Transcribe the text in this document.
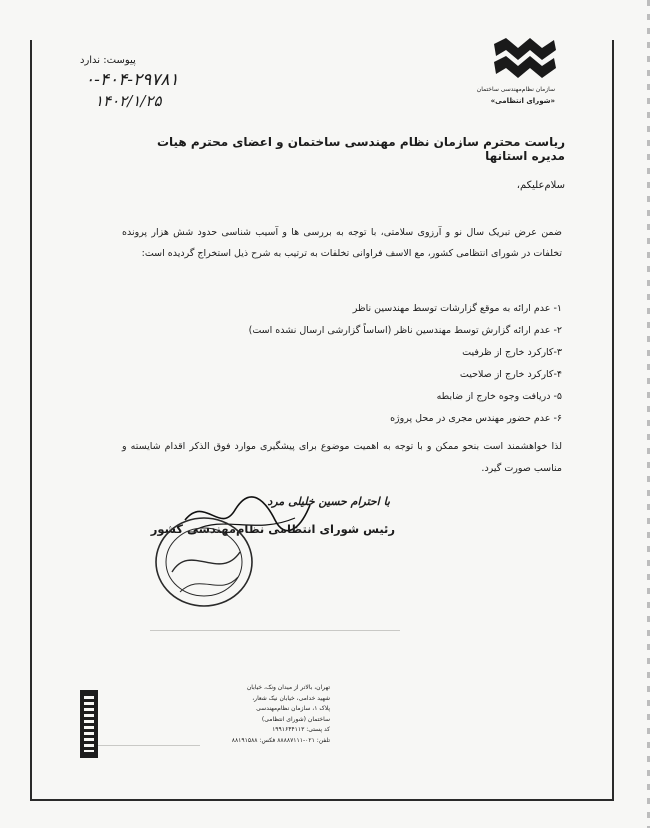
سازمان نظام‌مهندسی ساختمان
«شورای انتظامی»
پیوست: ندارد
۰-۴۰۴-۲۹۷۸۱
۱۴۰۲/۱/۲۵
ریاست محترم سازمان نظام مهندسی ساختمان و اعضای محترم هیات مدیره استانها
سلام‌علیکم،
ضمن عرض تبریک سال نو و آرزوی سلامتی، با توجه به بررسی ها و آسیب شناسی حدود شش هزار پرونده تخلفات در شورای انتظامی کشور، مع الاسف فراوانی تخلفات به ترتیب به شرح ذیل استخراج گردیده است:
۱- عدم ارائه به موقع گزارشات توسط مهندسین ناظر
۲- عدم ارائه گزارش توسط مهندسین ناظر (اساساً گزارشی ارسال نشده است)
۳-کارکرد خارج از ظرفیت
۴-کارکرد خارج از صلاحیت
۵- دریافت وجوه خارج از ضابطه
۶- عدم حضور مهندس مجری در محل پروژه
لذا خواهشمند است بنحو ممکن و با توجه به اهمیت موضوع برای پیشگیری موارد فوق الذکر اقدام شایسته و مناسب صورت گیرد.
با احترام حسین خلیلی مرد
رئیس شورای انتظامی نظام‌مهندسی کشور
تهران، بالاتر از میدان ونک، خیابان
شهید خدامی، خیابان نیک شعار،
پلاک ۱، سازمان نظام‌مهندسی
ساختمان (شورای انتظامی)
کد پستی: ۱۹۹۱۶۴۴۱۱۳
تلفن: ۰۲۱-۸۸۸۸۷۱۱۱ فکس: ۸۸۱۹۱۵۸۸
